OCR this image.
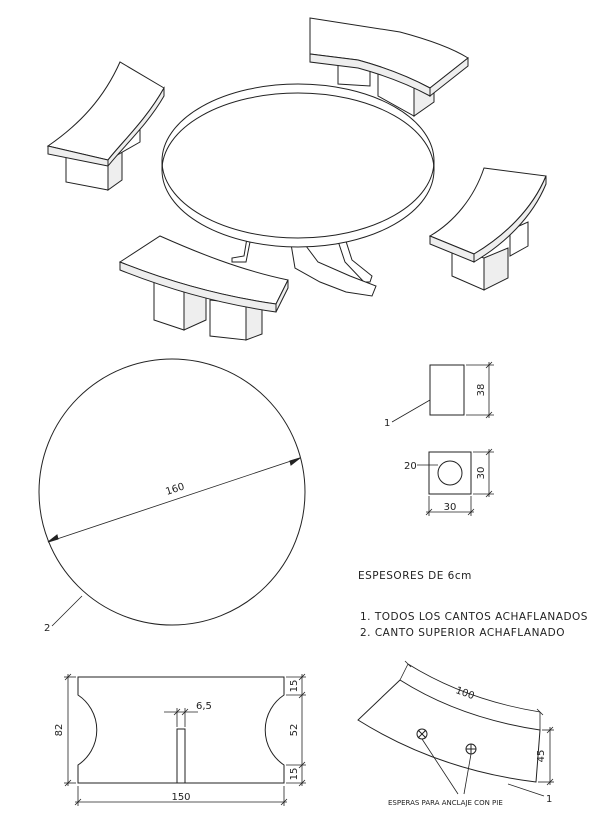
160
2
38
1
20
30
30
ESPESORES DE 6cm
1. TODOS LOS CANTOS ACHAFLANADOS
2. CANTO SUPERIOR ACHAFLANADO
82
150
15
52
15
6,5
100
45
ESPERAS PARA ANCLAJE CON PIE	1
